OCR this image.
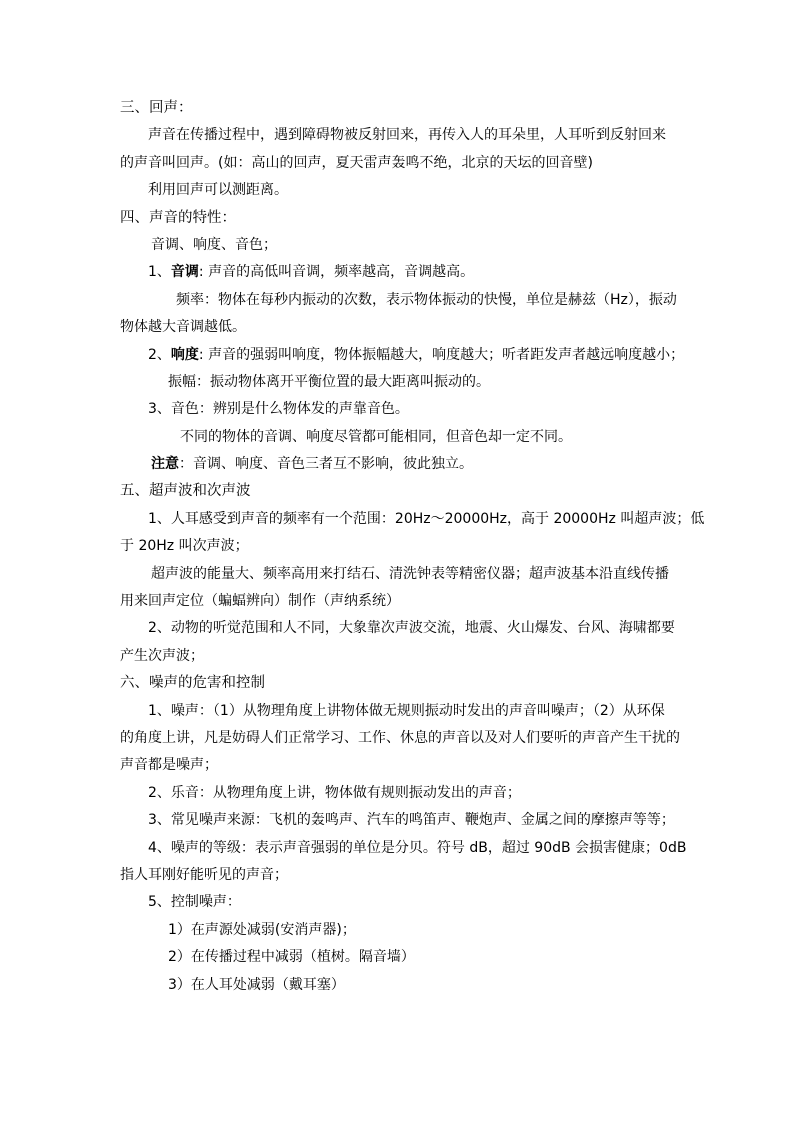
三、回声：
声音在传播过程中，遇到障碍物被反射回来，再传入人的耳朵里，人耳听到反射回来
的声音叫回声。(如：高山的回声，夏天雷声轰鸣不绝，北京的天坛的回音壁)
利用回声可以测距离。
四、声音的特性：
音调、响度、音色；
1、音调: 声音的高低叫音调，频率越高，音调越高。
频率：物体在每秒内振动的次数，表示物体振动的快慢，单位是赫兹（Hz），振动
物体越大音调越低。
2、响度: 声音的强弱叫响度，物体振幅越大，响度越大；听者距发声者越远响度越小；
振幅：振动物体离开平衡位置的最大距离叫振动的。
3、音色：辨别是什么物体发的声靠音色。
不同的物体的音调、响度尽管都可能相同，但音色却一定不同。
注意：音调、响度、音色三者互不影响，彼此独立。
五、超声波和次声波
1、人耳感受到声音的频率有一个范围：20Hz～20000Hz，高于 20000Hz 叫超声波；低
于 20Hz 叫次声波；
超声波的能量大、频率高用来打结石、清洗钟表等精密仪器；超声波基本沿直线传播
用来回声定位（蝙蝠辨向）制作（声纳系统）
2、动物的听觉范围和人不同，大象靠次声波交流，地震、火山爆发、台风、海啸都要
产生次声波；
六、噪声的危害和控制
1、噪声：（1）从物理角度上讲物体做无规则振动时发出的声音叫噪声；（2）从环保
的角度上讲，凡是妨碍人们正常学习、工作、休息的声音以及对人们要听的声音产生干扰的
声音都是噪声；
2、乐音：从物理角度上讲，物体做有规则振动发出的声音；
3、常见噪声来源：飞机的轰鸣声、汽车的鸣笛声、鞭炮声、金属之间的摩擦声等等；
4、噪声的等级：表示声音强弱的单位是分贝。符号 dB，超过 90dB 会损害健康；0dB
指人耳刚好能听见的声音；
5、控制噪声：
1）在声源处减弱(安消声器)；
2）在传播过程中减弱（植树。隔音墙）
3）在人耳处减弱（戴耳塞）
